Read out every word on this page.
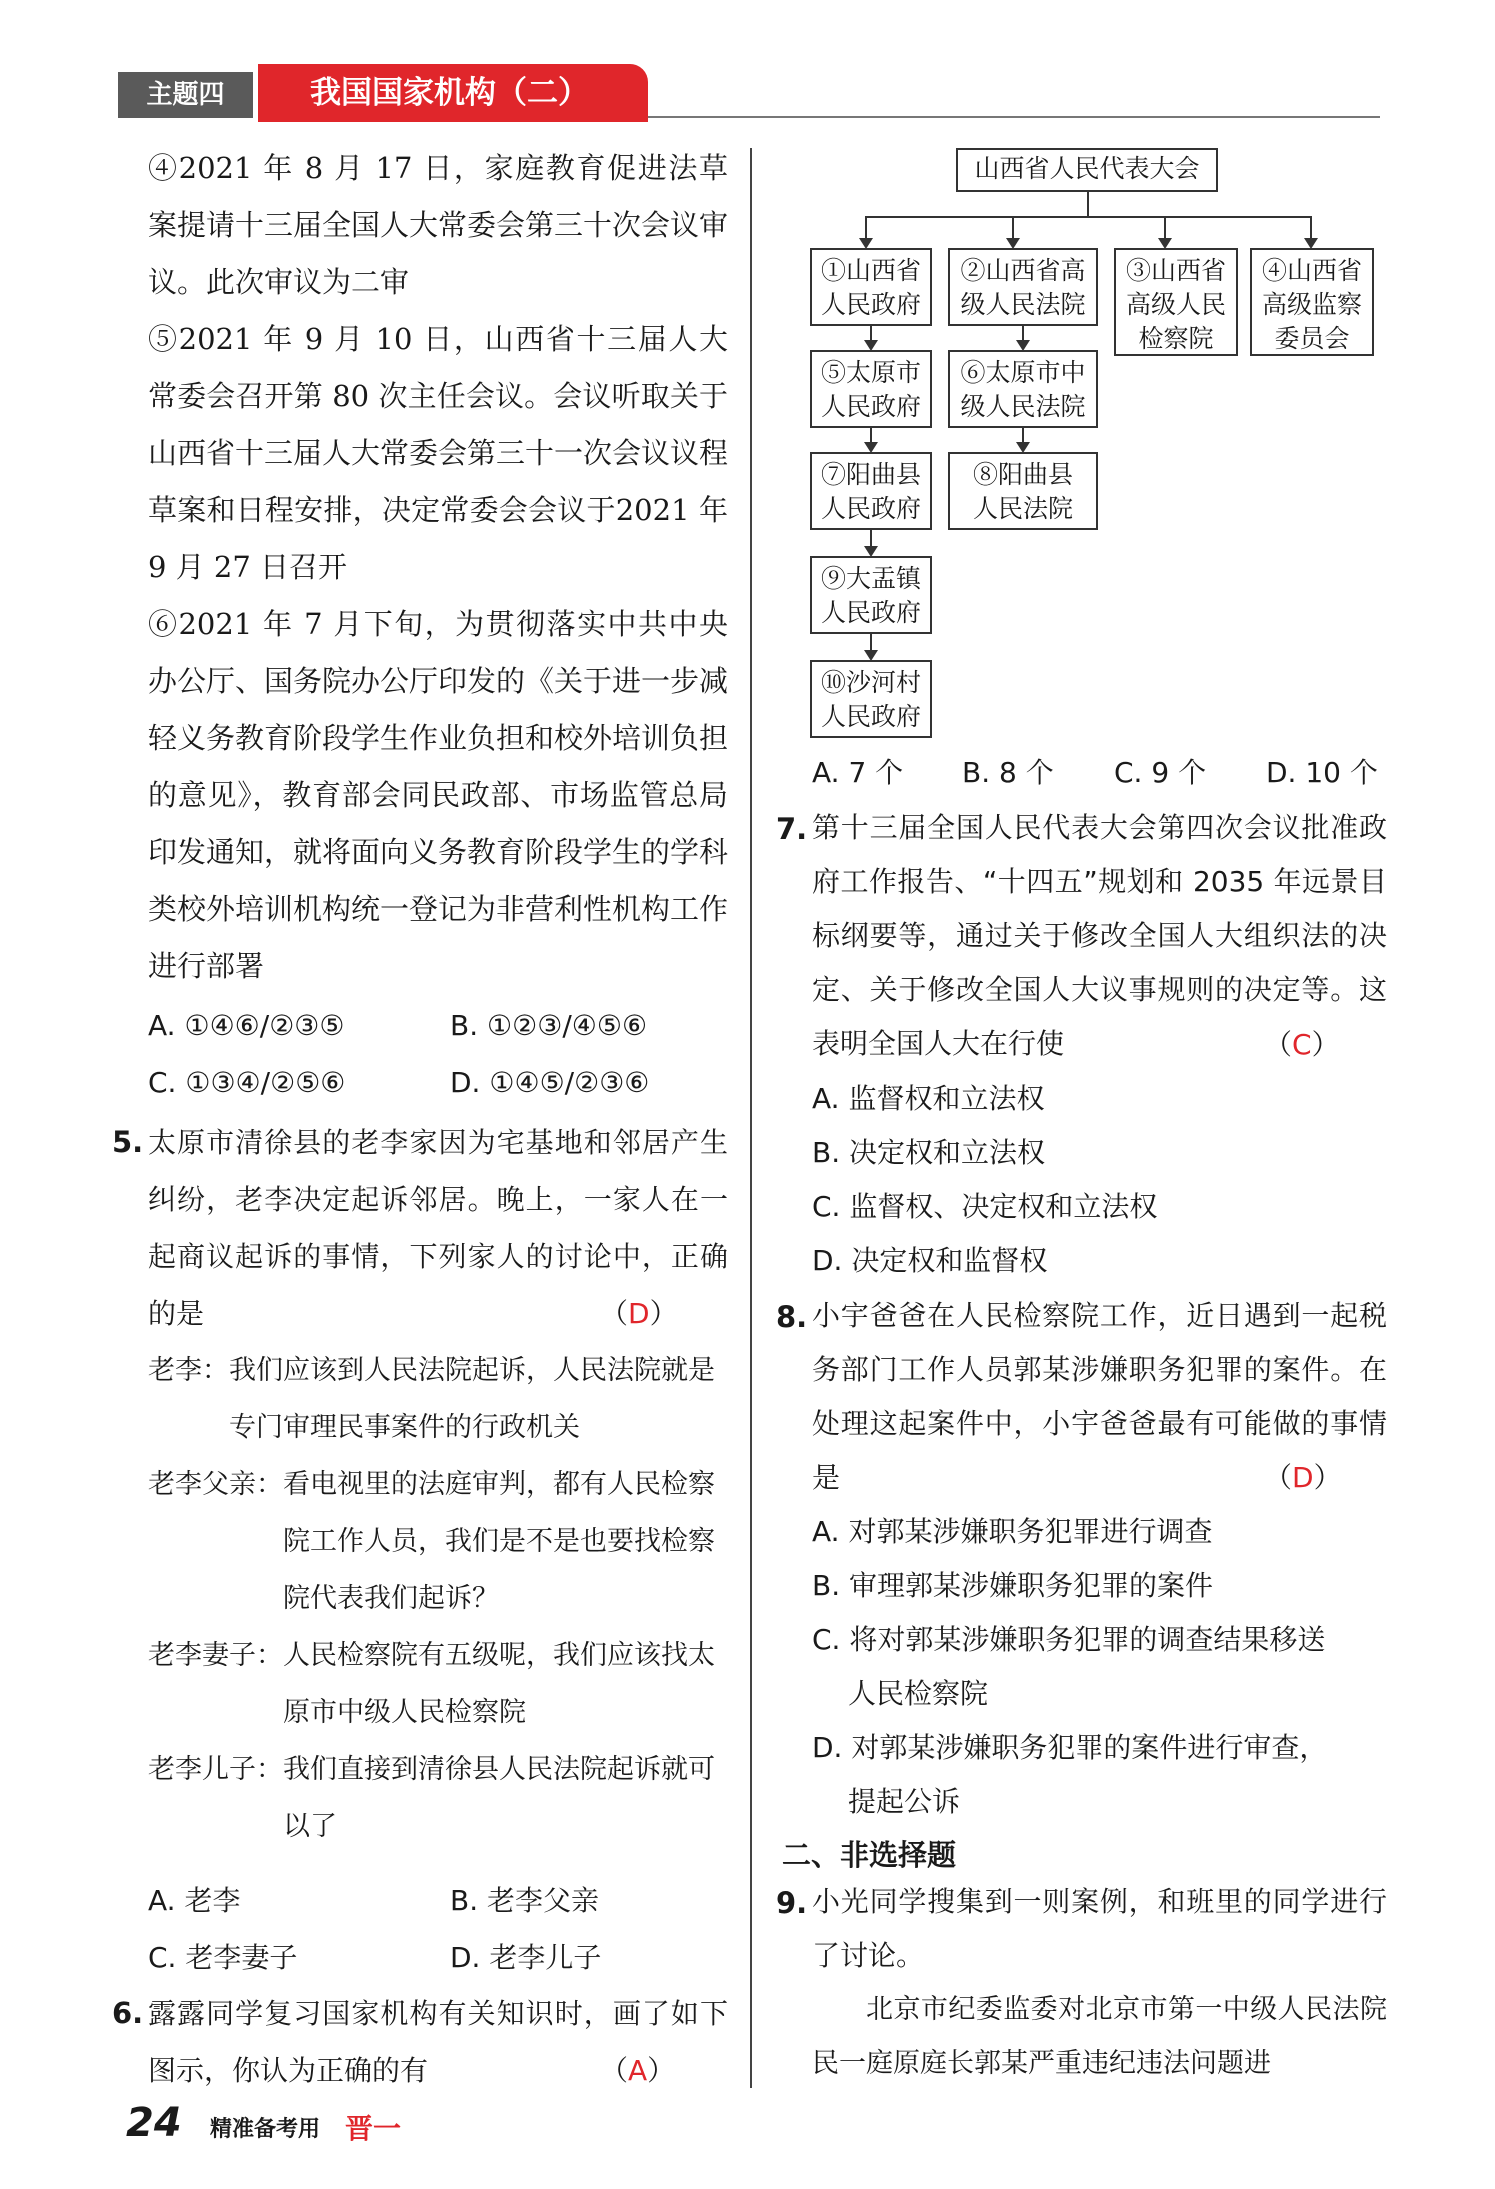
主题四	我国国家机构（二）

④2021 年 8 月 17 日，家庭教育促进法草案提请十三届全国人大常委会第三十次会议审议。此次审议为二审

⑤2021 年 9 月 10 日，山西省十三届人大常委会召开第 80 次主任会议。会议听取关于山西省十三届人大常委会第三十一次会议议程草案和日程安排，决定常委会会议于2021 年 9 月 27 日召开

⑥2021 年 7 月下旬，为贯彻落实中共中央办公厅、国务院办公厅印发的《关于进一步减轻义务教育阶段学生作业负担和校外培训负担的意见》，教育部会同民政部、市场监管总局印发通知，就将面向义务教育阶段学生的学科类校外培训机构统一登记为非营利性机构工作进行部署

A. ①④⑥/②③⑤	B. ①②③/④⑤⑥
C. ①③④/②⑤⑥	D. ①④⑤/②③⑥
5. 太原市清徐县的老李家因为宅基地和邻居产生纠纷，老李决定起诉邻居。晚上，一家人在一起商议起诉的事情，下列家人的讨论中，正确的是	（D）
老李： 我们应该到人民法院起诉，人民法院就是专门审理民事案件的行政机关
老李父亲： 看电视里的法庭审判，都有人民检察院工作人员，我们是不是也要找检察院代表我们起诉？
老李妻子： 人民检察院有五级呢，我们应该找太原市中级人民检察院
老李儿子： 我们直接到清徐县人民法院起诉就可以了
A. 老李	B. 老李父亲
C. 老李妻子	D. 老李儿子
6. 露露同学复习国家机构有关知识时，画了如下图示，你认为正确的有	（A）
山西省人民代表大会
①山西省
人民政府
②山西省高
级人民法院
③山西省
高级人民
检察院
④山西省
高级监察
委员会
⑤太原市
人民政府
⑥太原市中
级人民法院
⑦阳曲县
人民政府
⑧阳曲县
人民法院
⑨大盂镇
人民政府
⑩沙河村
人民政府
A. 7 个 B. 8 个 C. 9 个 D. 10 个
7. 第十三届全国人民代表大会第四次会议批准政府工作报告、“十四五”规划和 2035 年远景目标纲要等，通过关于修改全国人大组织法的决定、关于修改全国人大议事规则的决定等。这表明全国人大在行使	（C）
A. 监督权和立法权
B. 决定权和立法权
C. 监督权、决定权和立法权
D. 决定权和监督权
8. 小宇爸爸在人民检察院工作，近日遇到一起税务部门工作人员郭某涉嫌职务犯罪的案件。在处理这起案件中，小宇爸爸最有可能做的事情是	（D）
A. 对郭某涉嫌职务犯罪进行调查
B. 审理郭某涉嫌职务犯罪的案件
C. 将对郭某涉嫌职务犯罪的调查结果移送
人民检察院
D. 对郭某涉嫌职务犯罪的案件进行审查，
提起公诉
二、非选择题
9. 小光同学搜集到一则案例，和班里的同学进行了讨论。

北京市纪委监委对北京市第一中级人民法院民一庭原庭长郭某严重违纪违法问题进

24 精准备考用 晋一
